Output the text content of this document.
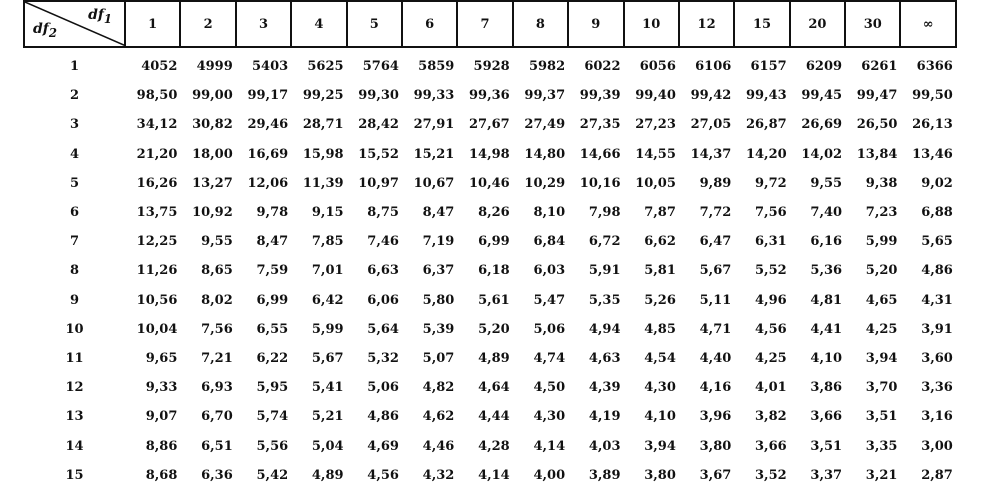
$df_1$
$df_2$	1	2	3	4	5	6	7	8	9	10	12	15	20	30	∞
1	4052	4999	5403	5625	5764	5859	5928	5982	6022	6056	6106	6157	6209	6261	6366
2	98,50	99,00	99,17	99,25	99,30	99,33	99,36	99,37	99,39	99,40	99,42	99,43	99,45	99,47	99,50
3	34,12	30,82	29,46	28,71	28,42	27,91	27,67	27,49	27,35	27,23	27,05	26,87	26,69	26,50	26,13
4	21,20	18,00	16,69	15,98	15,52	15,21	14,98	14,80	14,66	14,55	14,37	14,20	14,02	13,84	13,46
5	16,26	13,27	12,06	11,39	10,97	10,67	10,46	10,29	10,16	10,05	9,89	9,72	9,55	9,38	9,02
6	13,75	10,92	9,78	9,15	8,75	8,47	8,26	8,10	7,98	7,87	7,72	7,56	7,40	7,23	6,88
7	12,25	9,55	8,47	7,85	7,46	7,19	6,99	6,84	6,72	6,62	6,47	6,31	6,16	5,99	5,65
8	11,26	8,65	7,59	7,01	6,63	6,37	6,18	6,03	5,91	5,81	5,67	5,52	5,36	5,20	4,86
9	10,56	8,02	6,99	6,42	6,06	5,80	5,61	5,47	5,35	5,26	5,11	4,96	4,81	4,65	4,31
10	10,04	7,56	6,55	5,99	5,64	5,39	5,20	5,06	4,94	4,85	4,71	4,56	4,41	4,25	3,91
11	9,65	7,21	6,22	5,67	5,32	5,07	4,89	4,74	4,63	4,54	4,40	4,25	4,10	3,94	3,60
12	9,33	6,93	5,95	5,41	5,06	4,82	4,64	4,50	4,39	4,30	4,16	4,01	3,86	3,70	3,36
13	9,07	6,70	5,74	5,21	4,86	4,62	4,44	4,30	4,19	4,10	3,96	3,82	3,66	3,51	3,16
14	8,86	6,51	5,56	5,04	4,69	4,46	4,28	4,14	4,03	3,94	3,80	3,66	3,51	3,35	3,00
15	8,68	6,36	5,42	4,89	4,56	4,32	4,14	4,00	3,89	3,80	3,67	3,52	3,37	3,21	2,87
